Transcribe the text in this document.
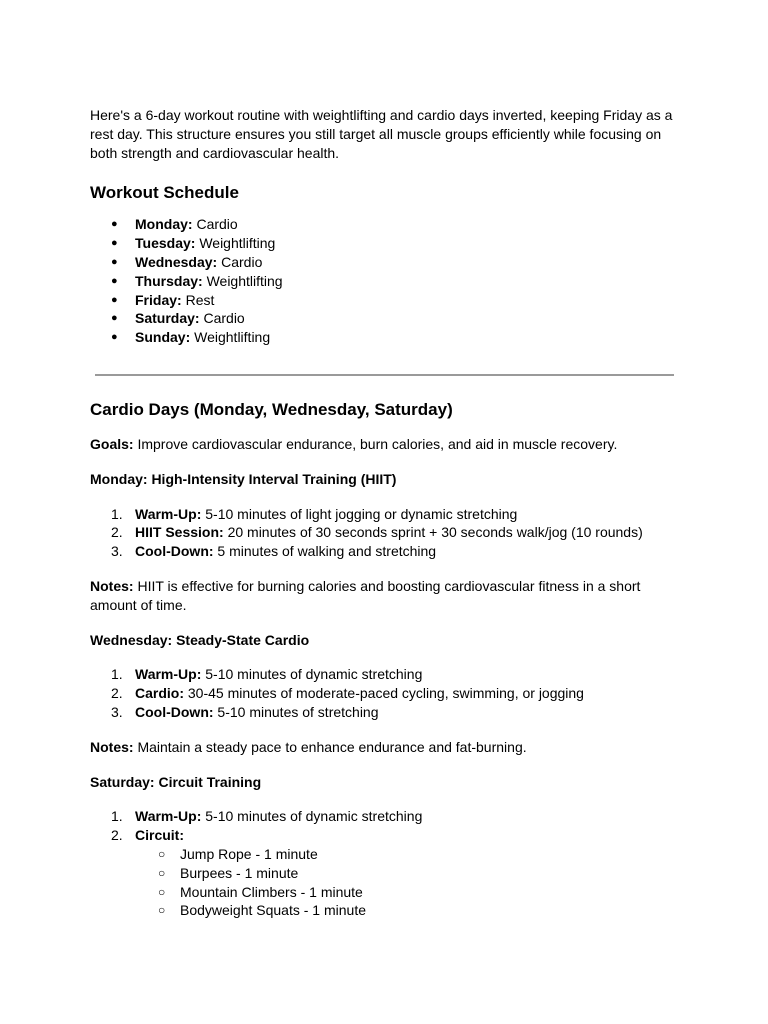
Here's a 6-day workout routine with weightlifting and cardio days inverted, keeping Friday as a rest day. This structure ensures you still target all muscle groups efficiently while focusing on both strength and cardiovascular health.

Workout Schedule
● Monday: Cardio
● Tuesday: Weightlifting
● Wednesday: Cardio
● Thursday: Weightlifting
● Friday: Rest
● Saturday: Cardio
● Sunday: Weightlifting
Cardio Days (Monday, Wednesday, Saturday)

Goals: Improve cardiovascular endurance, burn calories, and aid in muscle recovery.

Monday: High-Intensity Interval Training (HIIT)
1. Warm-Up: 5-10 minutes of light jogging or dynamic stretching
2. HIIT Session: 20 minutes of 30 seconds sprint + 30 seconds walk/jog (10 rounds)
3. Cool-Down: 5 minutes of walking and stretching

Notes: HIIT is effective for burning calories and boosting cardiovascular fitness in a short amount of time.

Wednesday: Steady-State Cardio
1. Warm-Up: 5-10 minutes of dynamic stretching
2. Cardio: 30-45 minutes of moderate-paced cycling, swimming, or jogging
3. Cool-Down: 5-10 minutes of stretching

Notes: Maintain a steady pace to enhance endurance and fat-burning.

Saturday: Circuit Training
1. Warm-Up: 5-10 minutes of dynamic stretching
2. Circuit:
○ Jump Rope - 1 minute
○ Burpees - 1 minute
○ Mountain Climbers - 1 minute
○ Bodyweight Squats - 1 minute
